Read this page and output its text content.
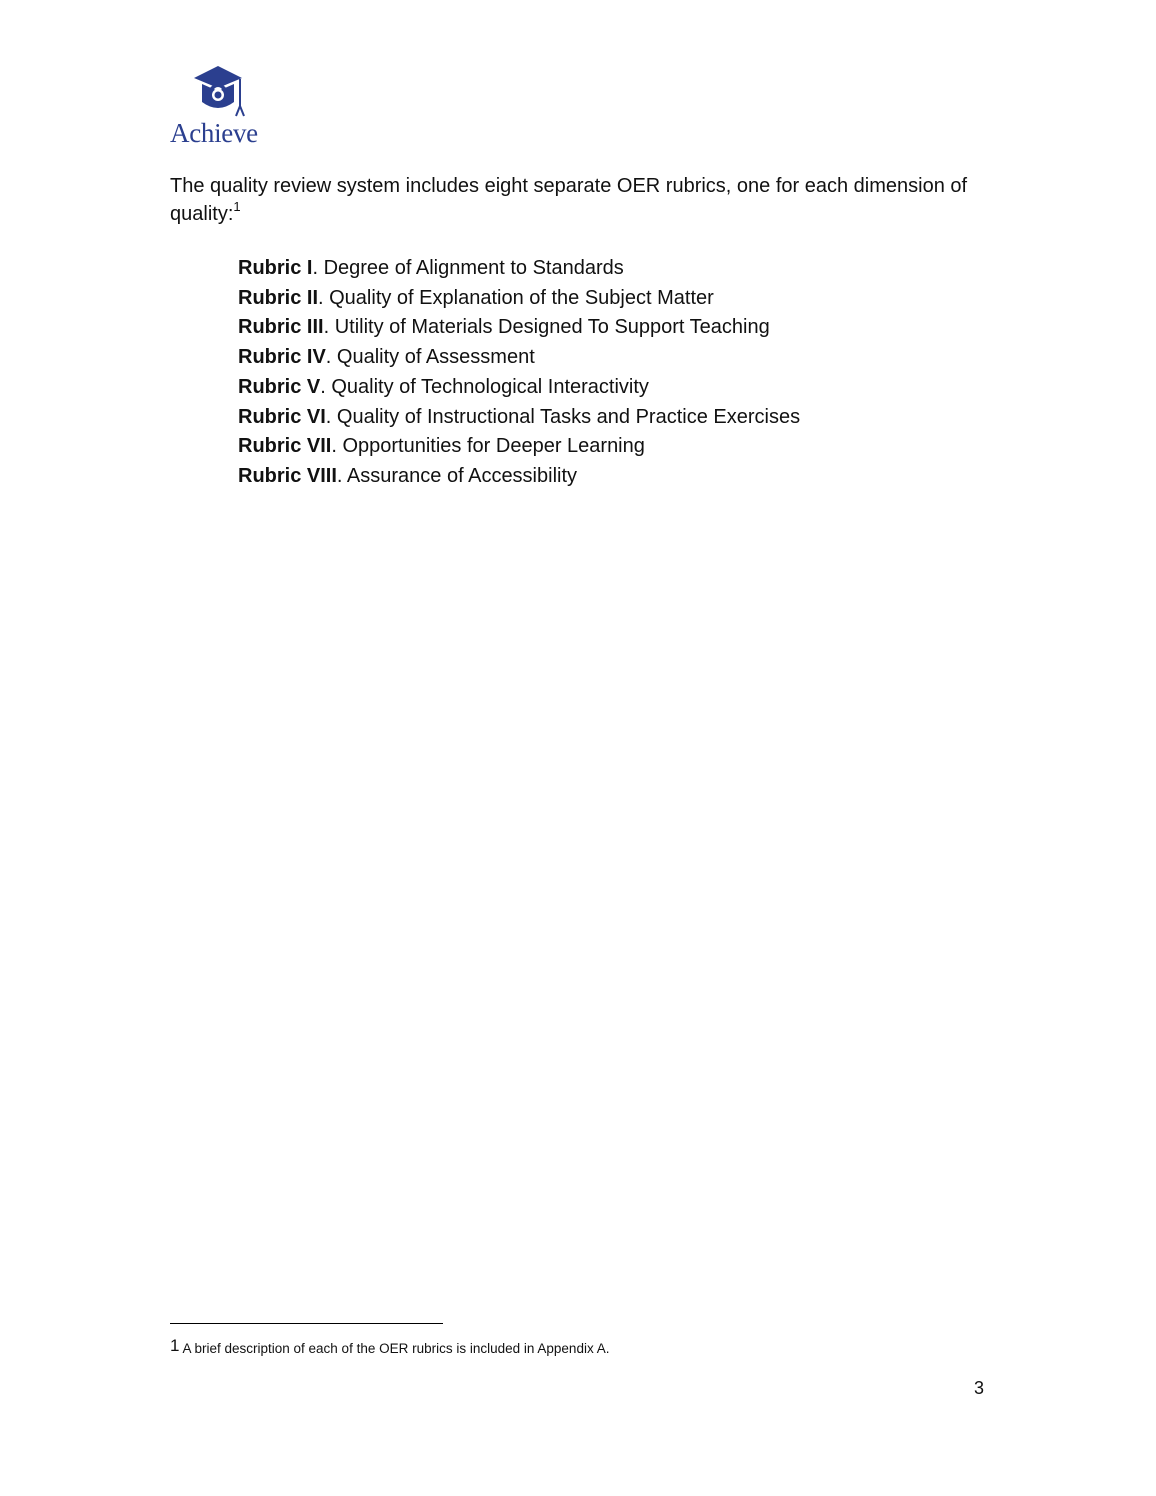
Achieve

The quality review system includes eight separate OER rubrics, one for each dimension of quality:$^1$

Rubric I. Degree of Alignment to Standards
Rubric II. Quality of Explanation of the Subject Matter
Rubric III. Utility of Materials Designed To Support Teaching
Rubric IV. Quality of Assessment
Rubric V. Quality of Technological Interactivity
Rubric VI. Quality of Instructional Tasks and Practice Exercises
Rubric VII. Opportunities for Deeper Learning
Rubric VIII. Assurance of Accessibility
1 A brief description of each of the OER rubrics is included in Appendix A.
3
